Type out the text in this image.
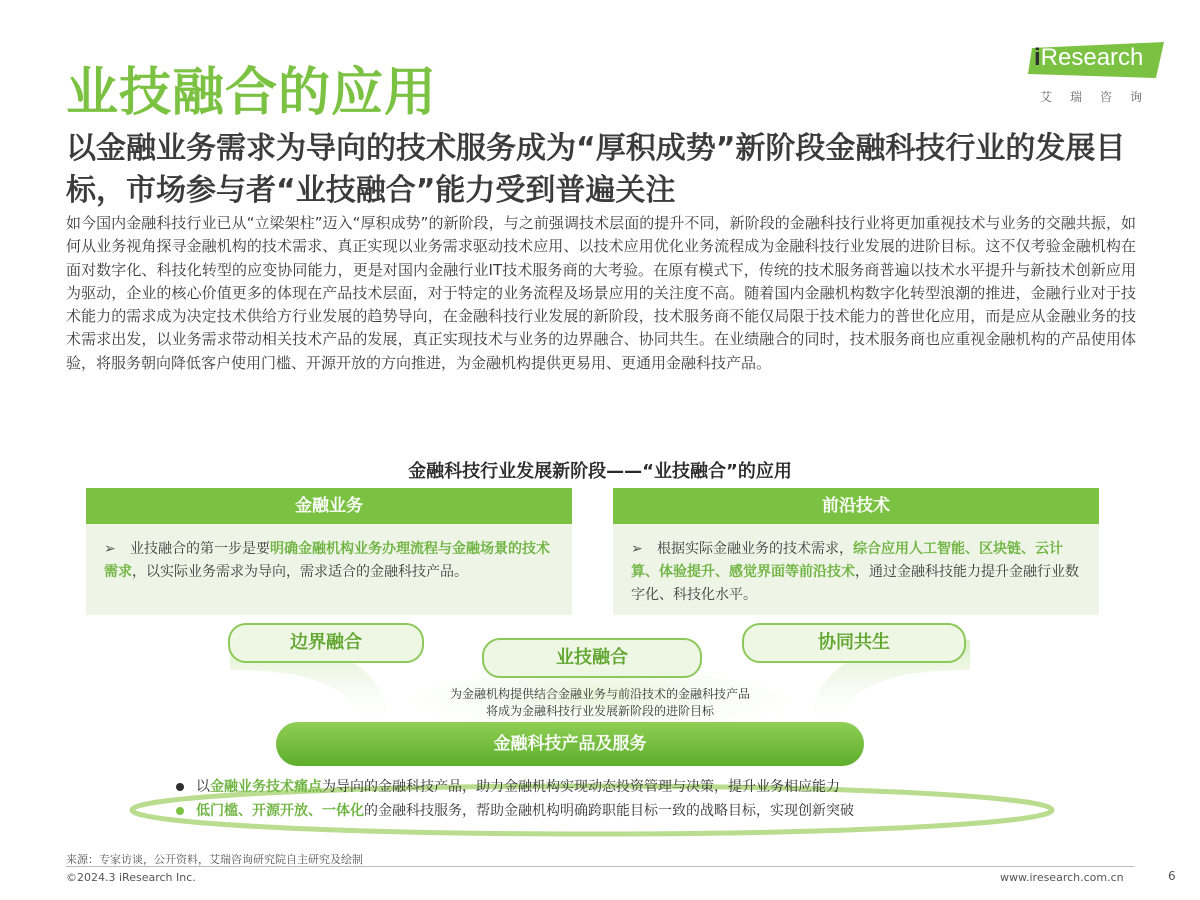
业技融合的应用
iResearch
艾瑞咨询
以金融业务需求为导向的技术服务成为“厚积成势”新阶段金融科技行业的发展目标，市场参与者“业技融合”能力受到普遍关注
如今国内金融科技行业已从“立梁架柱”迈入“厚积成势”的新阶段，与之前强调技术层面的提升不同，新阶段的金融科技行业将更加重视技术与业务的交融共振，如何从业务视角探寻金融机构的技术需求、真正实现以业务需求驱动技术应用、以技术应用优化业务流程成为金融科技行业发展的进阶目标。这不仅考验金融机构在面对数字化、科技化转型的应变协同能力，更是对国内金融行业IT技术服务商的大考验。在原有模式下，传统的技术服务商普遍以技术水平提升与新技术创新应用为驱动，企业的核心价值更多的体现在产品技术层面，对于特定的业务流程及场景应用的关注度不高。随着国内金融机构数字化转型浪潮的推进，金融行业对于技术能力的需求成为决定技术供给方行业发展的趋势导向，在金融科技行业发展的新阶段，技术服务商不能仅局限于技术能力的普世化应用，而是应从金融业务的技术需求出发，以业务需求带动相关技术产品的发展，真正实现技术与业务的边界融合、协同共生。在业绩融合的同时，技术服务商也应重视金融机构的产品使用体验，将服务朝向降低客户使用门槛、开源开放的方向推进，为金融机构提供更易用、更通用金融科技产品。
金融科技行业发展新阶段——“业技融合”的应用
金融业务
➢ 业技融合的第一步是要明确金融机构业务办理流程与金融场景的技术需求，以实际业务需求为导向，需求适合的金融科技产品。
前沿技术
➢ 根据实际金融业务的技术需求，综合应用人工智能、区块链、云计算、体验提升、感觉界面等前沿技术，通过金融科技能力提升金融行业数字化、科技化水平。
边界融合
业技融合
协同共生
为金融机构提供结合金融业务与前沿技术的金融科技产品
将成为金融科技行业发展新阶段的进阶目标
金融科技产品及服务
以金融业务技术痛点为导向的金融科技产品，助力金融机构实现动态投资管理与决策，提升业务相应能力
低门槛、开源开放、一体化的金融科技服务，帮助金融机构明确跨职能目标一致的战略目标，实现创新突破
来源：专家访谈，公开资料，艾瑞咨询研究院自主研究及绘制
©2024.3 iResearch Inc.	www.iresearch.com.cn	6
